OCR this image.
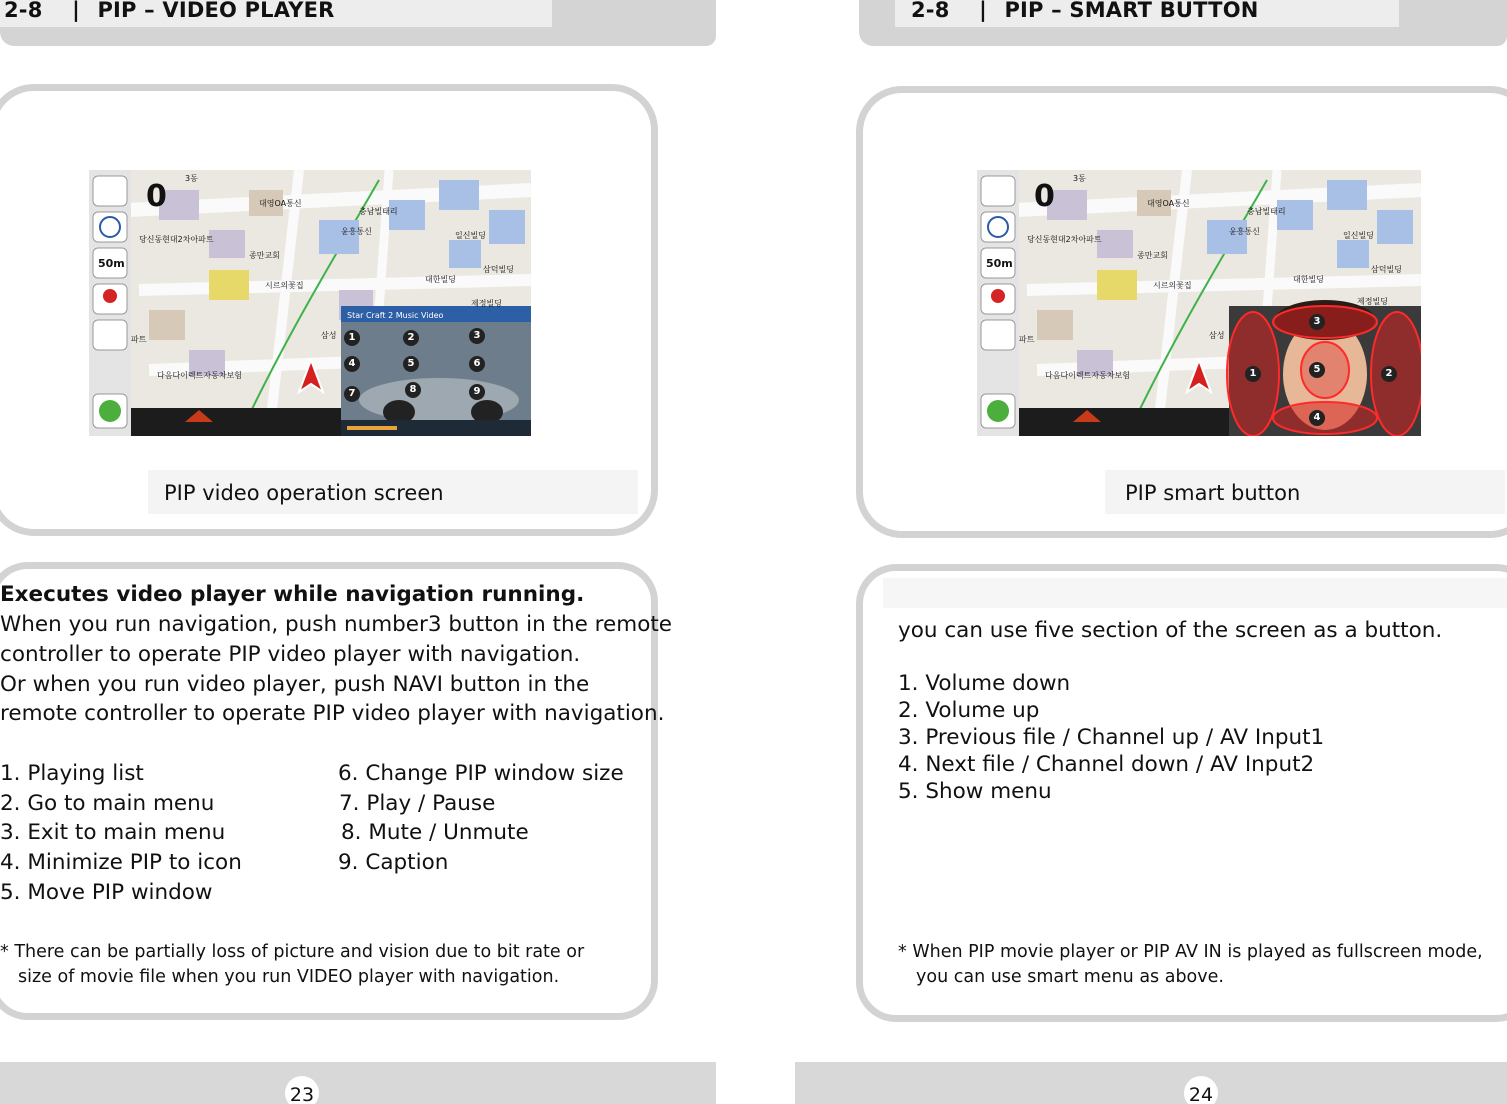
2-8 | PIP – VIDEO PLAYER
0
50m
Star Craft 2 Music Video
1	2	3
4	5	6
7	8	9
3동
대영OA통신
충남빌태리
당신동현대2차아파트
윤흥통신	일신빌딩
종만교회
대한빌딩
삼덕빌딩
시르의꽃집
제정빌딩
파트	삼성
다음다이렉트자동차보험
PIP video operation screen
Executes video player while navigation running.
When you run navigation, push number3 button in the remote
controller to operate PIP video player with navigation.
Or when you run video player, push NAVI button in the
remote controller to operate PIP video player with navigation.
1. Playing list
2. Go to main menu
3. Exit to main menu
4. Minimize PIP to icon
5. Move PIP window
6. Change PIP window size
7. Play / Pause
8. Mute / Unmute
9. Caption
* There can be partially loss of picture and vision due to bit rate or
size of movie file when you run VIDEO player with navigation.
23
2-8 | PIP – SMART BUTTON
0
50m
1	2
3
4
5
3동
대영OA통신
충남빌태리
당신동현대2차아파트
윤흥통신	일신빌딩
종만교회
대한빌딩
삼덕빌딩
시르의꽃집
제정빌딩
파트	삼성
다음다이렉트자동차보험
PIP smart button
you can use five section of the screen as a button.
1. Volume down
2. Volume up
3. Previous file / Channel up / AV Input1
4. Next file / Channel down / AV Input2
5. Show menu
* When PIP movie player or PIP AV IN is played as fullscreen mode,
you can use smart menu as above.
24
